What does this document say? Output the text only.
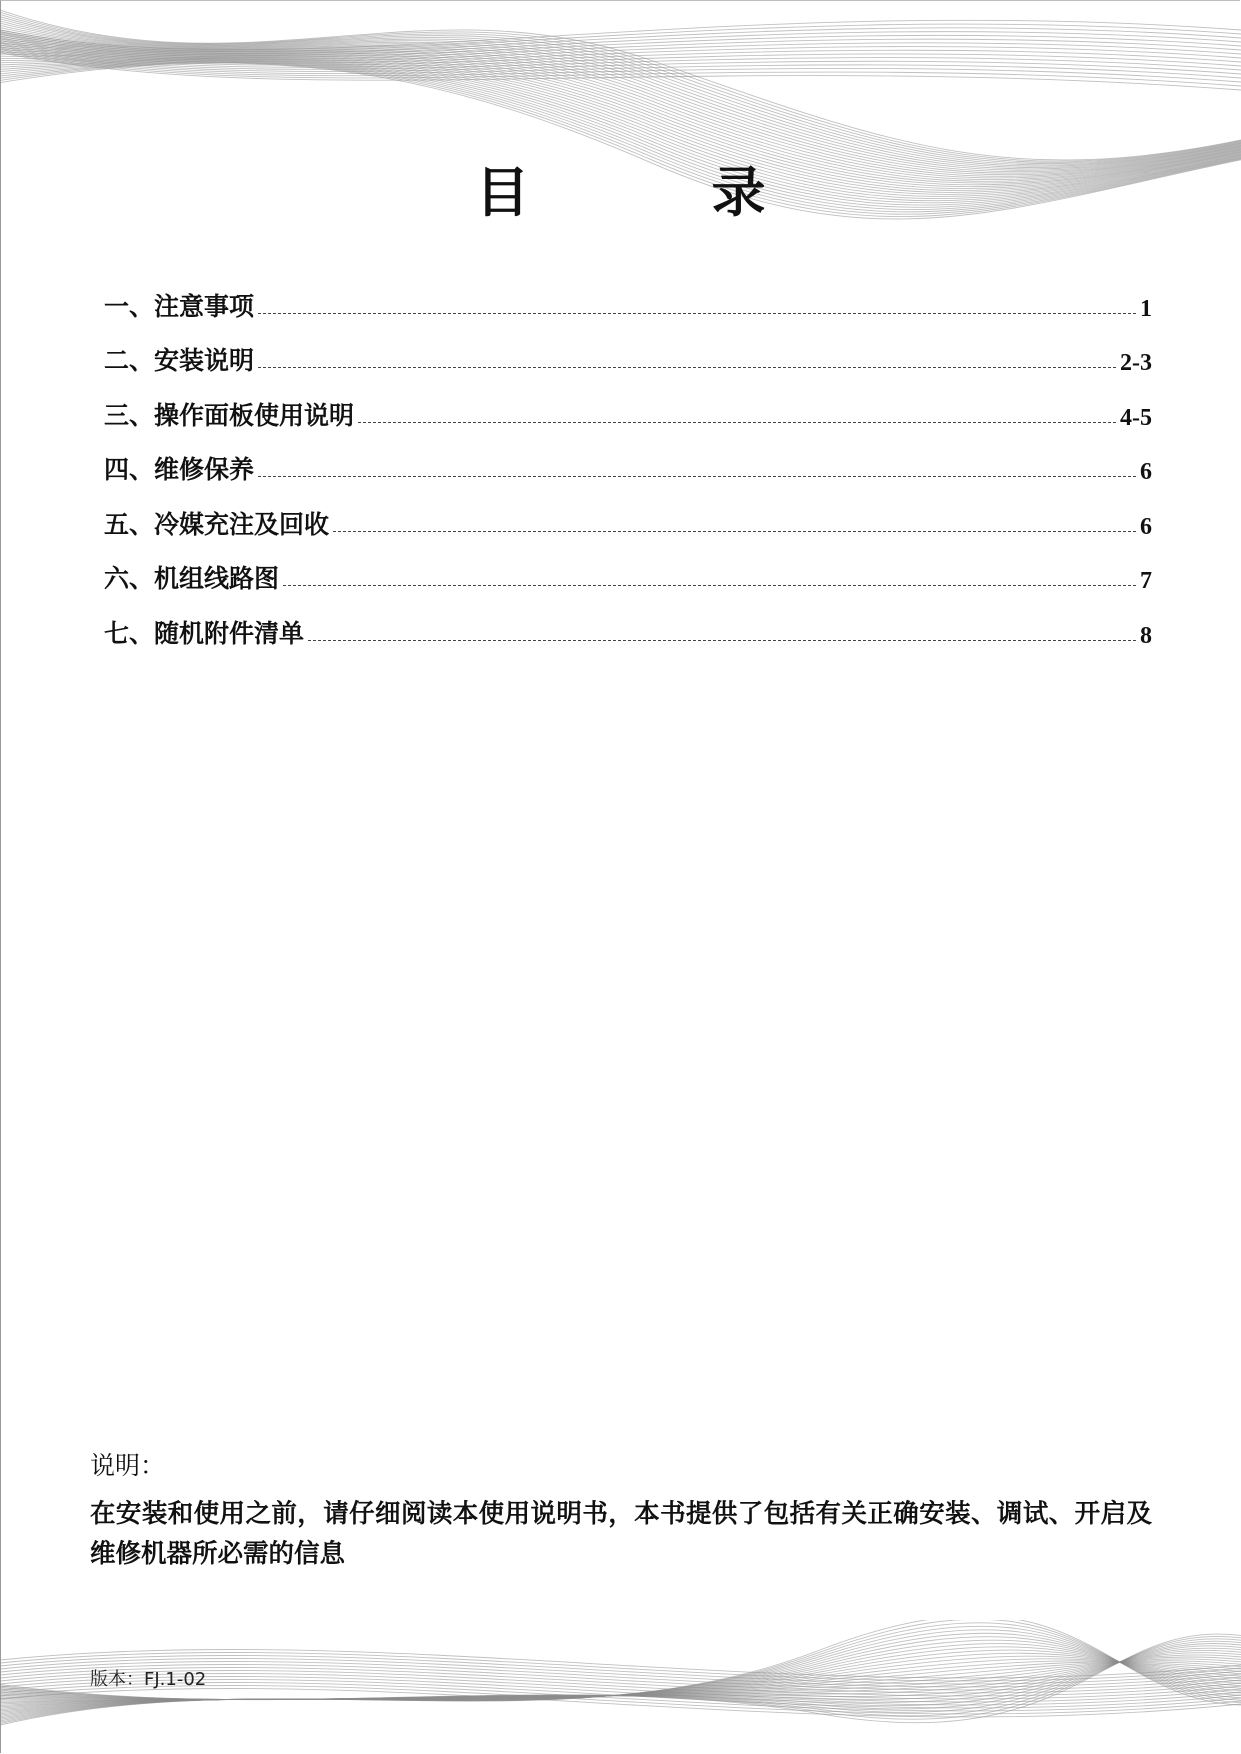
目　录
一、注意事项	1
二、安装说明	2-3
三、操作面板使用说明	4-5
四、维修保养	6
五、冷媒充注及回收	6
六、机组线路图	7
七、随机附件清单	8
说明：
在安装和使用之前，请仔细阅读本使用说明书，本书提供了包括有关正确安装、调试、开启及维修机器所必需的信息
版本：FJ.1-02
